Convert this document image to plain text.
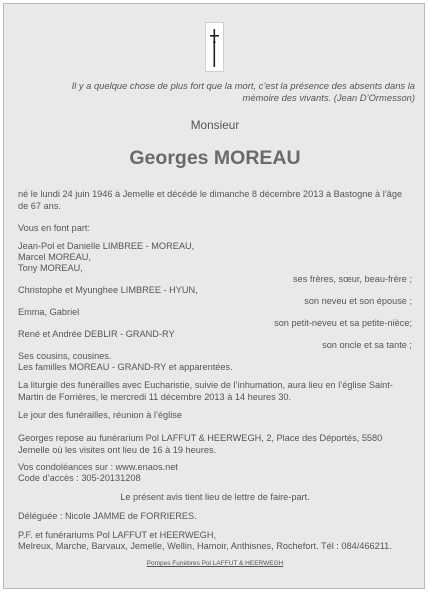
Il y a quelque chose de plus fort que la mort, c’est la présence des absents dans la mémoire des vivants. (Jean D’Ormesson)
Monsieur
Georges MOREAU
né le lundi 24 juin 1946 à Jemelle et décédé le dimanche 8 décembre 2013 à Bastogne à l’âge de 67 ans.
Vous en font part:
Jean-Pol et Danielle LIMBREE - MOREAU,
Marcel MOREAU,
Tony MOREAU,
ses frères, sœur, beau-frère ;
Christophe et Myunghee LIMBREE - HYUN,
son neveu et son épouse ;
Emma, Gabriel
son petit-neveu et sa petite-nièce;
René et Andrée DEBLIR - GRAND-RY
son oncle et sa tante ;
Ses cousins, cousines.
Les familles MOREAU - GRAND-RY et apparentées.
La liturgie des funérailles avec Eucharistie, suivie de l’inhumation, aura lieu en l’église Saint-Martin de Forrières, le mercredi 11 décembre 2013 à 14 heures 30.
Le jour des funérailles, réunion à l’église
Georges repose au funérarium Pol LAFFUT & HEERWEGH, 2, Place des Déportés, 5580 Jemelle où les visites ont lieu de 16 à 19 heures.
Vos condoléances sur : www.enaos.net
Code d’accès : 305-20131208
Le présent avis tient lieu de lettre de faire-part.
Déléguée : Nicole JAMME de FORRIERES.
P.F. et funérariums Pol LAFFUT et HEERWEGH,
Melreux, Marche, Barvaux, Jemelle, Wellin, Hamoir, Anthisnes, Rochefort. Tél : 084/466211.
Pompes Funèbres Pol LAFFUT & HEERWEGH
